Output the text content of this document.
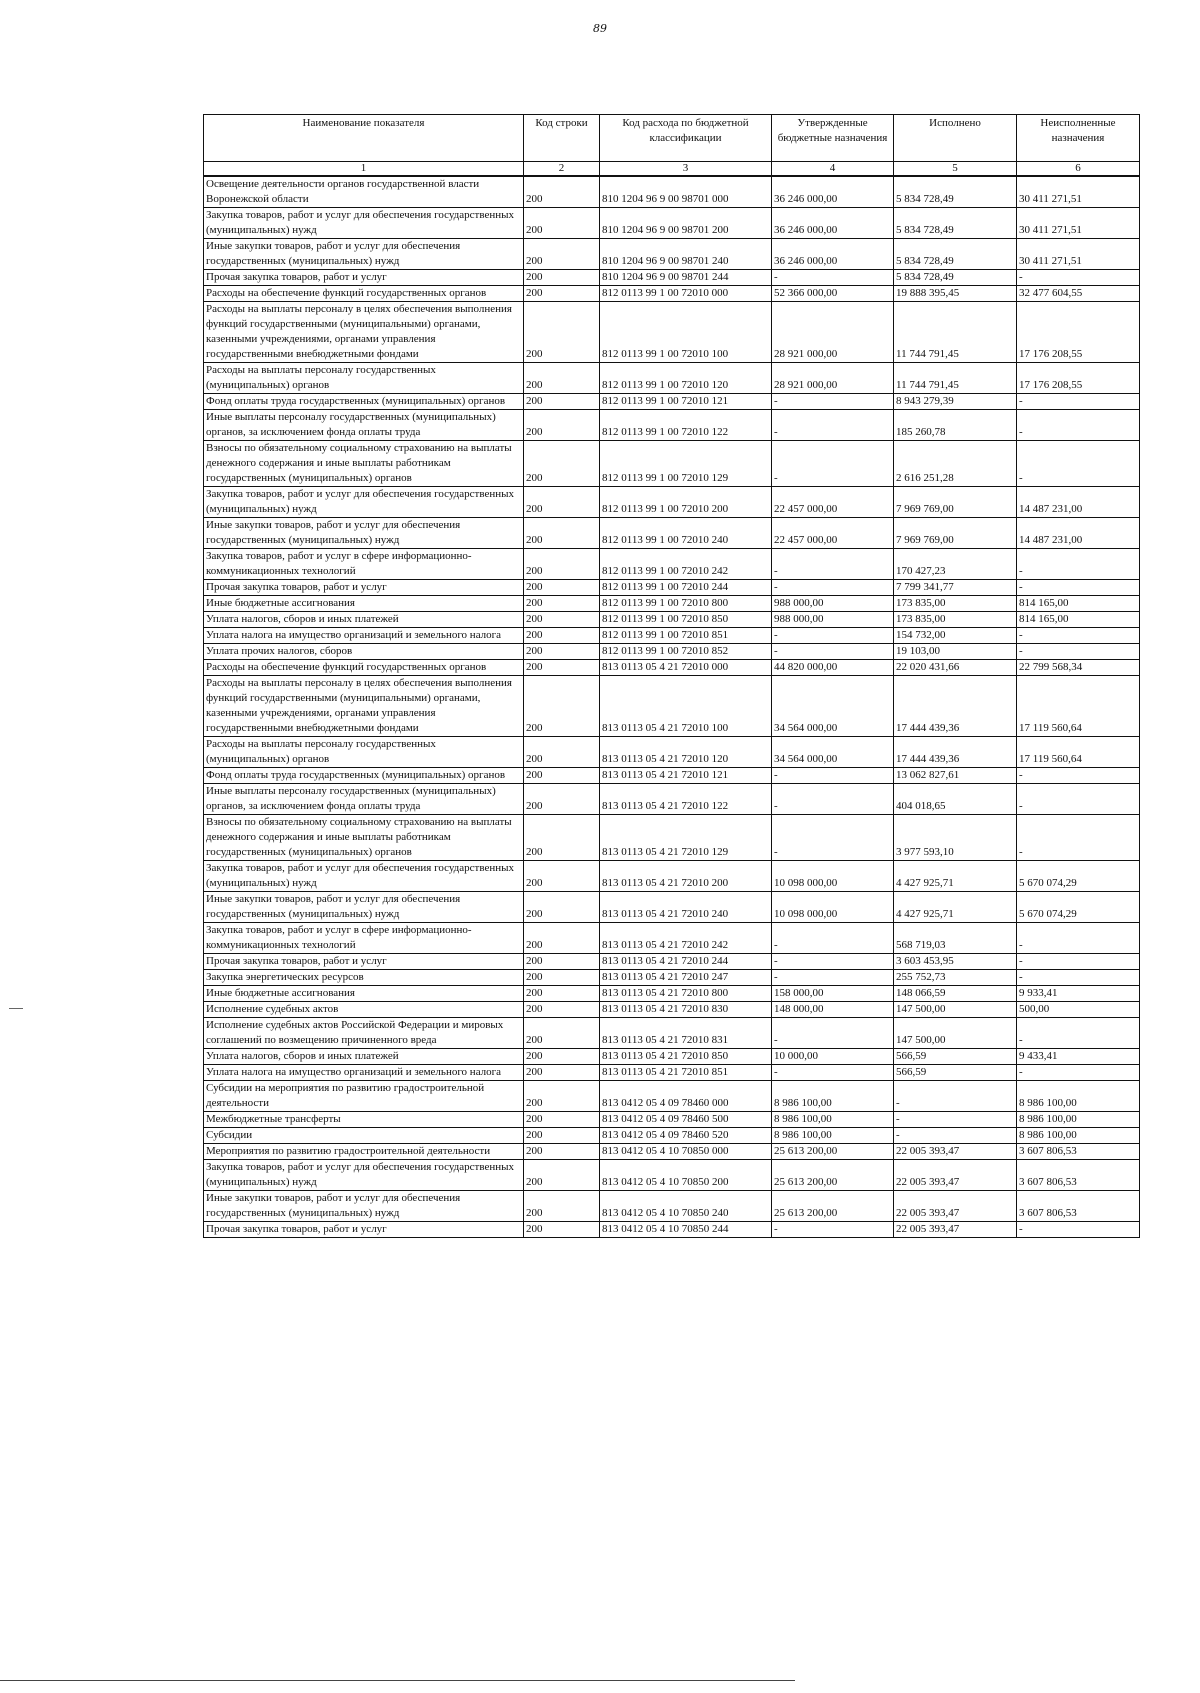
89
Наименование показателя	Код строки	Код расхода по бюджетной классификации	Утвержденные бюджетные назначения	Исполнено	Неисполненные назначения
1	2	3	4	5	6
Освещение деятельности органов государственной власти Воронежской области	200	810 1204 96 9 00 98701 000	36 246 000,00	5 834 728,49	30 411 271,51
Закупка товаров, работ и услуг для обеспечения государственных (муниципальных) нужд	200	810 1204 96 9 00 98701 200	36 246 000,00	5 834 728,49	30 411 271,51
Иные закупки товаров, работ и услуг для обеспечения государственных (муниципальных) нужд	200	810 1204 96 9 00 98701 240	36 246 000,00	5 834 728,49	30 411 271,51
Прочая закупка товаров, работ и услуг	200	810 1204 96 9 00 98701 244	-	5 834 728,49	-
Расходы на обеспечение функций государственных органов	200	812 0113 99 1 00 72010 000	52 366 000,00	19 888 395,45	32 477 604,55
Расходы на выплаты персоналу в целях обеспечения выполнения функций государственными (муниципальными) органами, казенными учреждениями, органами управления государственными внебюджетными фондами	200	812 0113 99 1 00 72010 100	28 921 000,00	11 744 791,45	17 176 208,55
Расходы на выплаты персоналу государственных (муниципальных) органов	200	812 0113 99 1 00 72010 120	28 921 000,00	11 744 791,45	17 176 208,55
Фонд оплаты труда государственных (муниципальных) органов	200	812 0113 99 1 00 72010 121	-	8 943 279,39	-
Иные выплаты персоналу государственных (муниципальных) органов, за исключением фонда оплаты труда	200	812 0113 99 1 00 72010 122	-	185 260,78	-
Взносы по обязательному социальному страхованию на выплаты денежного содержания и иные выплаты работникам государственных (муниципальных) органов	200	812 0113 99 1 00 72010 129	-	2 616 251,28	-
Закупка товаров, работ и услуг для обеспечения государственных (муниципальных) нужд	200	812 0113 99 1 00 72010 200	22 457 000,00	7 969 769,00	14 487 231,00
Иные закупки товаров, работ и услуг для обеспечения государственных (муниципальных) нужд	200	812 0113 99 1 00 72010 240	22 457 000,00	7 969 769,00	14 487 231,00
Закупка товаров, работ и услуг в сфере информационно-коммуникационных технологий	200	812 0113 99 1 00 72010 242	-	170 427,23	-
Прочая закупка товаров, работ и услуг	200	812 0113 99 1 00 72010 244	-	7 799 341,77	-
Иные бюджетные ассигнования	200	812 0113 99 1 00 72010 800	988 000,00	173 835,00	814 165,00
Уплата налогов, сборов и иных платежей	200	812 0113 99 1 00 72010 850	988 000,00	173 835,00	814 165,00
Уплата налога на имущество организаций и земельного налога	200	812 0113 99 1 00 72010 851	-	154 732,00	-
Уплата прочих налогов, сборов	200	812 0113 99 1 00 72010 852	-	19 103,00	-
Расходы на обеспечение функций государственных органов	200	813 0113 05 4 21 72010 000	44 820 000,00	22 020 431,66	22 799 568,34
Расходы на выплаты персоналу в целях обеспечения выполнения функций государственными (муниципальными) органами, казенными учреждениями, органами управления государственными внебюджетными фондами	200	813 0113 05 4 21 72010 100	34 564 000,00	17 444 439,36	17 119 560,64
Расходы на выплаты персоналу государственных (муниципальных) органов	200	813 0113 05 4 21 72010 120	34 564 000,00	17 444 439,36	17 119 560,64
Фонд оплаты труда государственных (муниципальных) органов	200	813 0113 05 4 21 72010 121	-	13 062 827,61	-
Иные выплаты персоналу государственных (муниципальных) органов, за исключением фонда оплаты труда	200	813 0113 05 4 21 72010 122	-	404 018,65	-
Взносы по обязательному социальному страхованию на выплаты денежного содержания и иные выплаты работникам государственных (муниципальных) органов	200	813 0113 05 4 21 72010 129	-	3 977 593,10	-
Закупка товаров, работ и услуг для обеспечения государственных (муниципальных) нужд	200	813 0113 05 4 21 72010 200	10 098 000,00	4 427 925,71	5 670 074,29
Иные закупки товаров, работ и услуг для обеспечения государственных (муниципальных) нужд	200	813 0113 05 4 21 72010 240	10 098 000,00	4 427 925,71	5 670 074,29
Закупка товаров, работ и услуг в сфере информационно-коммуникационных технологий	200	813 0113 05 4 21 72010 242	-	568 719,03	-
Прочая закупка товаров, работ и услуг	200	813 0113 05 4 21 72010 244	-	3 603 453,95	-
Закупка энергетических ресурсов	200	813 0113 05 4 21 72010 247	-	255 752,73	-
Иные бюджетные ассигнования	200	813 0113 05 4 21 72010 800	158 000,00	148 066,59	9 933,41
Исполнение судебных актов	200	813 0113 05 4 21 72010 830	148 000,00	147 500,00	500,00
Исполнение судебных актов Российской Федерации и мировых соглашений по возмещению причиненного вреда	200	813 0113 05 4 21 72010 831	-	147 500,00	-
Уплата налогов, сборов и иных платежей	200	813 0113 05 4 21 72010 850	10 000,00	566,59	9 433,41
Уплата налога на имущество организаций и земельного налога	200	813 0113 05 4 21 72010 851	-	566,59	-
Субсидии на мероприятия по развитию градостроительной деятельности	200	813 0412 05 4 09 78460 000	8 986 100,00	-	8 986 100,00
Межбюджетные трансферты	200	813 0412 05 4 09 78460 500	8 986 100,00	-	8 986 100,00
Субсидии	200	813 0412 05 4 09 78460 520	8 986 100,00	-	8 986 100,00
Мероприятия по развитию градостроительной деятельности	200	813 0412 05 4 10 70850 000	25 613 200,00	22 005 393,47	3 607 806,53
Закупка товаров, работ и услуг для обеспечения государственных (муниципальных) нужд	200	813 0412 05 4 10 70850 200	25 613 200,00	22 005 393,47	3 607 806,53
Иные закупки товаров, работ и услуг для обеспечения государственных (муниципальных) нужд	200	813 0412 05 4 10 70850 240	25 613 200,00	22 005 393,47	3 607 806,53
Прочая закупка товаров, работ и услуг	200	813 0412 05 4 10 70850 244	-	22 005 393,47	-
